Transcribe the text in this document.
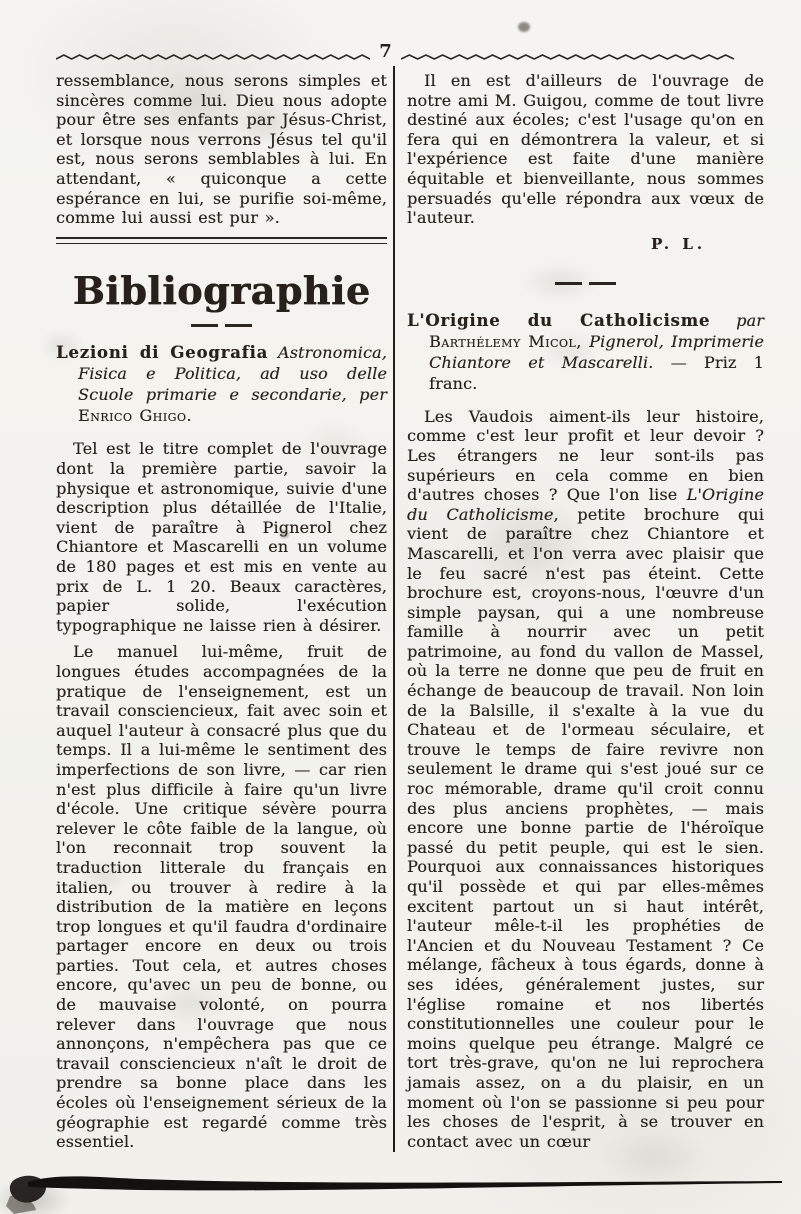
7

ressemblance, nous serons simples et sincères comme lui. Dieu nous adopte pour être ses enfants par Jésus-Christ, et lorsque nous verrons Jésus tel qu'il est, nous serons semblables à lui. En attendant, « quiconque a cette espérance en lui, se purifie soi-même, comme lui aussi est pur ».

Bibliographie

Lezioni di Geografia Astronomica, Fisica e Politica, ad uso delle Scuole primarie e secondarie, per Enrico Ghigo.

Tel est le titre complet de l'ouvrage dont la première partie, savoir la physique et astronomique, suivie d'une description plus détaillée de l'Italie, vient de paraître à Pignerol chez Chiantore et Mascarelli en un volume de 180 pages et est mis en vente au prix de L. 1 20. Beaux caractères, papier solide, l'exécution typographique ne laisse rien à désirer.

Le manuel lui-même, fruit de longues études accompagnées de la pratique de l'enseignement, est un travail consciencieux, fait avec soin et auquel l'auteur à consacré plus que du temps. Il a lui-même le sentiment des imperfections de son livre, — car rien n'est plus difficile à faire qu'un livre d'école. Une critique sévère pourra relever le côte faible de la langue, où l'on reconnait trop souvent la traduction litterale du français en italien, ou trouver à redire à la distribution de la matière en leçons trop longues et qu'il faudra d'ordinaire partager encore en deux ou trois parties. Tout cela, et autres choses encore, qu'avec un peu de bonne, ou de mauvaise volonté, on pourra relever dans l'ouvrage que nous annonçons, n'empêchera pas que ce travail consciencieux n'aît le droit de prendre sa bonne place dans les écoles où l'enseignement sérieux de la géographie est regardé comme très essentiel.

Il en est d'ailleurs de l'ouvrage de notre ami M. Guigou, comme de tout livre destiné aux écoles; c'est l'usage qu'on en fera qui en démontrera la valeur, et si l'expérience est faite d'une manière équitable et bienveillante, nous sommes persuadés qu'elle répondra aux vœux de l'auteur.

P. L.

L'Origine du Catholicisme par Barthélemy Micol, Pignerol, Imprimerie Chiantore et Mascarelli. — Priz 1 franc.

Les Vaudois aiment-ils leur histoire, comme c'est leur profit et leur devoir ? Les étrangers ne leur sont-ils pas supérieurs en cela comme en bien d'autres choses ? Que l'on lise L'Origine du Catholicisme, petite brochure qui vient de paraître chez Chiantore et Mascarelli, et l'on verra avec plaisir que le feu sacré n'est pas éteint. Cette brochure est, croyons-nous, l'œuvre d'un simple paysan, qui a une nombreuse famille à nourrir avec un petit patrimoine, au fond du vallon de Massel, où la terre ne donne que peu de fruit en échange de beaucoup de travail. Non loin de la Balsille, il s'exalte à la vue du Chateau et de l'ormeau séculaire, et trouve le temps de faire revivre non seulement le drame qui s'est joué sur ce roc mémorable, drame qu'il croit connu des plus anciens prophètes, — mais encore une bonne partie de l'héroïque passé du petit peuple, qui est le sien. Pourquoi aux connaissances historiques qu'il possède et qui par elles-mêmes excitent partout un si haut intérêt, l'auteur mêle-t-il les prophéties de l'Ancien et du Nouveau Testament ? Ce mélange, fâcheux à tous égards, donne à ses idées, généralement justes, sur l'église romaine et nos libertés constitutionnelles une couleur pour le moins quelque peu étrange. Malgré ce tort très-grave, qu'on ne lui reprochera jamais assez, on a du plaisir, en un moment où l'on se passionne si peu pour les choses de l'esprit, à se trouver en contact avec un cœur
